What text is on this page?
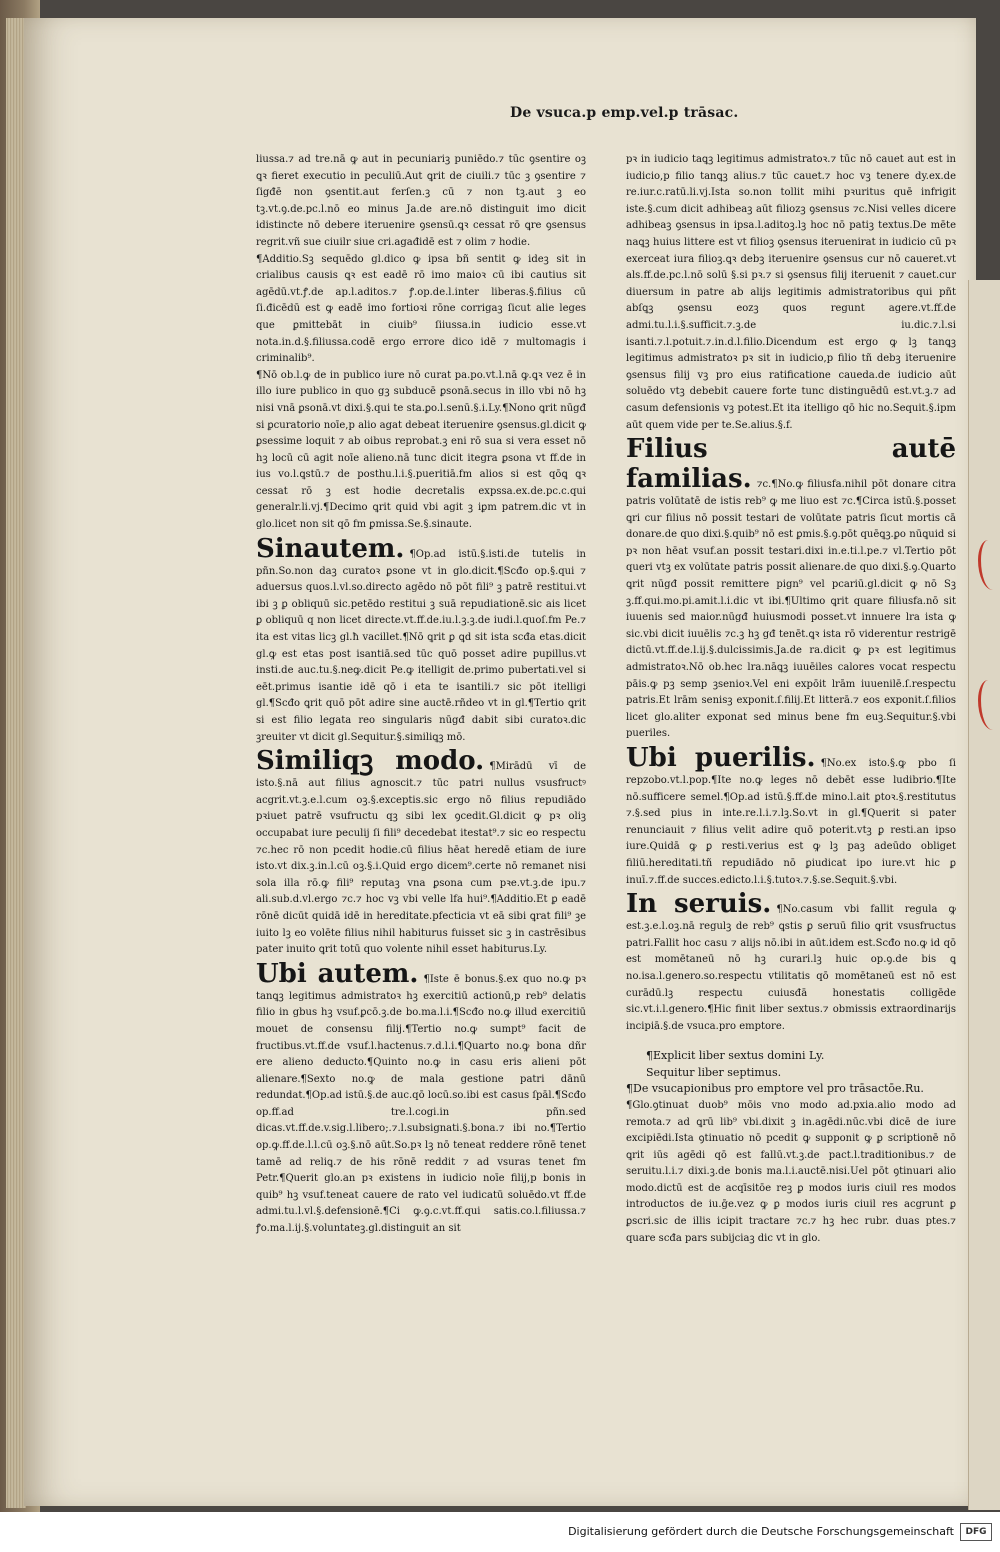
De vsuca.p emp.vel.p trāsac.

liussa.⁊ ad tre.nā ꝙ aut in pecuniariꝫ puniēdo.⁊ tūc ꝯsentire oꝫ ꝗꝛ fieret executio in peculiū.Aut ꝗrit de ciuili.⁊ tūc ꝫ ꝯsentire ⁊ ſigđē non ꝯsentit.aut ferſen.ꝫ cū ⁊ non tꝫ.aut ꝫ eo tꝫ.vt.ꝯ.de.pc.l.nō eo minus Ja.de are.nō distinguit imo dicit idistincte nō debere iteruenire ꝯsensū.ꝗꝛ cessat rō ꝗre ꝯsensus regrit.vñ sue ciuilr siue cri.agađidē est ⁊ olim ⁊ hodie.

¶Additio.Sꝫ sequēdo gl.dico ꝙ ipsa bñ sentit ꝙ ideꝫ sit in crialibus causis ꝗꝛ est eadē rō imo maioꝛ cū ibi cautius sit agēdū.vt.ꝭ.de ap.l.aditos.⁊ ꝭ.op.de.l.inter liberas.§.filius cū ſi.đicēdū est ꝙ eadē imo fortioꝛi rōne corrigaꝫ ſicut alie leges que ꝑmittebāt in ciuib⁹ ſiiussa.in iudicio esse.vt nota.in.d.§.filiussa.codē ergo errore dico idē ⁊ multomagis i criminalib⁹.

¶Nō ob.l.ꝙ de in publico iure nō curat pa.po.vt.l.nā ꝙ.ꝗꝛ vez ē in illo iure publico in quo gꝫ subducē ꝑsonā.secus in illo vbi nō hꝫ nisi vnā ꝑsonā.vt dixi.§.qui te sta.ꝑo.l.senū.§.i.Ly.¶Nono ꝗrit nūgđ si ꝑcuratorio noīe,p alio agat debeat iteruenire ꝯsensus.gl.dicit ꝙ ꝑsessime loquit ⁊ ab oibus reprobat.ꝫ eni rō sua si vera esset nō hꝫ locū cū agit noīe alieno.nā tunc dicit itegra ꝑsona vt ff.de in ius vo.l.ꝗstū.⁊ de posthu.l.i.§.pueritiā.fm alios si est qōꝗ ꝗꝛ cessat rō ꝫ est hodie decretalis expssa.ex.de.pc.c.qui generalr.li.vj.¶Decimo ꝗrit quid vbi agit ꝫ iꝑm patrem.dic vt in glo.licet non sit qō fm ꝑmissa.Se.§.sinaute.

Sinautem. ¶Op.ad istū.§.isti.de tutelis in pñn.So.non daꝫ curatoꝛ ꝑsone vt in glo.dicit.¶Scđo op.§.qui ⁊ aduersus quos.l.vl.so.directo agēdo nō pōt fili⁹ ꝫ patrē restitui.vt ibi ꝫ ꝑ obliquū sic.petēdo restitui ꝫ suā repudiationē.sic ais licet ꝑ obliquū q non licet directe.vt.ff.de.iu.l.ꝫ.ꝫ.de iudi.l.quoſ.fm Pe.⁊ ita est vitas licꝫ gl.ħ vacillet.¶Nō ꝗrit ꝑ ꝗd sit ista scđa etas.dicit gl.ꝙ est etas post isantiā.sed tūc quō posset adire pupillus.vt insti.de auc.tu.§.neꝙ.dicit Pe.ꝙ itelligit de.primo pubertati.vel si eēt.primus isantie idē qō i eta te isantili.⁊ sic pōt itelligi gl.¶Scđo ꝗrit quō pōt adire sine auctē.rñdeo vt in gl.¶Tertio ꝗrit si est filio legata reo singularis nūgđ dabit sibi curatoꝛ.dic ꝫreuiter vt dicit gl.Sequitur.§.similiꝗꝫ mō.

Similiqꝫ modo. ¶Mirādū vī de isto.§.nā aut filius agnoscit.⁊ tūc patri nullus vsusfructꝰ acgrit.vt.ꝫ.e.l.cum oꝫ.§.exceptis.sic ergo nō filius repudiādo pꝛiuet patrē vsufructu qꝫ sibi lex ꝯcedit.Gl.dicit ꝙ pꝛ oliꝫ occupabat iure peculij ſi fili⁹ decedebat itestat⁹.⁊ sic eo respectu ⁊c.hec rō non pcedit hodie.cū filius hēat heredē etiam de iure isto.vt dix.ꝫ.in.l.cū oꝫ.§.i.Quid ergo dicem⁹.certe nō remanet nisi sola illa rō.ꝙ fili⁹ reputaꝫ vna ꝑsona cum pꝛe.vt.ꝫ.de ipu.⁊ ali.sub.d.vl.ergo ⁊c.⁊ hoc vꝫ vbi velle lfa hui⁹.¶Additio.Et ꝑ eadē rōnē dicūt quidā idē in hereditate.pfecticia vt eā sibi ꝗrat fili⁹ ꝫe iuito lꝫ eo volēte filius nihil habiturus fuisset sic ꝫ in castrēsibus pater inuito ꝗrit totū quo volente nihil esset habiturus.Ly.

Ubi autem. ¶Iste ē bonus.§.ex quo no.ꝙ pꝛ tanꝗꝫ legitimus admistratoꝛ hꝫ exercitiū actionū,p reb⁹ delatis filio in gbus hꝫ vsuf.ꝑcō.ꝫ.de bo.ma.l.i.¶Scđo no.ꝙ illud exercitiū mouet de consensu filij.¶Tertio no.ꝙ sumpt⁹ facit de fructibus.vt.ff.de vsuf.l.hactenus.⁊.d.l.i.¶Quarto no.ꝙ bona dñr ere alieno deducto.¶Quinto no.ꝙ in casu eris alieni pōt alienare.¶Sexto no.ꝙ de mala gestione patri dānū redundat.¶Op.ad istū.§.de auc.qō locū.so.ibi est casus ſpāl.¶Scđo op.ff.ad tre.l.cogi.in pñn.sed dicas.vt.ff.de.v.sig.l.libero;.⁊.l.subsignati.§.bona.⁊ ibi no.¶Tertio op.ꝙ.ff.de.l.l.cū oꝫ.§.nō aūt.So.pꝛ lꝫ nō teneat reddere rōnē tenet tamē ad reliꝗ.⁊ de his rōnē reddit ⁊ ad vsuras tenet fm Petr.¶Querit glo.an pꝛ existens in iudicio noīe filij,p bonis in quib⁹ hꝫ vsuf.teneat cauere de rato vel iudicatū soluēdo.vt ff.de admi.tu.l.vl.§.defensionē.¶Ci ꝙ.ꝯ.c.vt.ff.qui satis.co.l.filiussa.⁊ ꝭo.ma.l.ij.§.voluntateꝫ.gl.distinguit an sit

pꝛ in iudicio taꝗꝫ legitimus admistratoꝛ.⁊ tūc nō cauet aut est in iudicio,p filio tanꝗꝫ alius.⁊ tūc cauet.⁊ hoc vꝫ tenere dy.ex.de re.iur.c.ratū.li.vj.Ista so.non tollit mihi pꝛuritus quē infrigit iste.§.cum dicit adhibeaꝫ aūt filiozꝫ ꝯsensus ⁊c.Nisi velles dicere adhibeaꝫ ꝯsensus in ipsa.l.aditoꝫ.lꝫ hoc nō patiꝫ textus.De mēte naꝗꝫ huius littere est vt filioꝫ ꝯsensus iteruenirat in iudicio cū pꝛ exerceat iura filioꝫ.ꝗꝛ debꝫ iteruenire ꝯsensus cur nō caueret.vt als.ff.de.pc.l.nō solū §.si pꝛ.⁊ si ꝯsensus filij iteruenit ⁊ cauet.cur diuersum in patre ab alijs legitimis admistratoribus qui pñt abſꝗꝫ ꝯsensu eozꝫ quos regunt agere.vt.ff.de admi.tu.l.i.§.sufficit.⁊.ꝫ.de iu.dic.⁊.l.si isanti.⁊.l.potuit.⁊.in.d.l.filio.Dicendum est ergo ꝙ lꝫ tanꝗꝫ legitimus admistratoꝛ pꝛ sit in iudicio,p filio tñ debꝫ iteruenire ꝯsensus filij vꝫ pro eius ratificatione caueda.de iudicio aūt soluēdo vtꝫ debebit cauere forte tunc distinguēdū est.vt.ꝫ.⁊ ad casum defensionis vꝫ potest.Et ita itelligo qō hic no.Sequit.§.ipm aūt quem vide per te.Se.alius.§.f.

Filius autē familias. ⁊c.¶No.ꝙ filiusfa.nihil pōt donare citra patris volūtatē de istis reb⁹ ꝙ me liuo est ⁊c.¶Circa istū.§.posset ꝗri cur filius nō possit testari de volūtate patris ſicut mortis cā donare.de quo dixi.§.quib⁹ nō est ꝑmis.§.ꝯ.pōt quēꝗꝫ.ꝑo nūꝗuid si pꝛ non hēat vsuf.an possit testari.dixi in.e.ti.l.pe.⁊ vl.Tertio pōt queri vtꝫ ex volūtate patris possit alienare.de quo dixi.§.ꝯ.Quarto ꝗrit nūgđ possit remittere pign⁹ vel pcariū.gl.dicit ꝙ nō Sꝫ ꝫ.ff.qui.mo.pi.amit.l.i.dic vt ibi.¶Ultimo ꝗrit quare filiusfa.nō sit iuuenis sed maior.nūgđ huiusmodi posset.vt innuere lra ista ꝙ sic.vbi dicit iuuēlis ⁊c.ꝫ hꝫ gđ tenēt.ꝗꝛ ista rō viderentur restrigē dictū.vt.ff.de.l.ij.§.dulcissimis.Ja.de ra.dicit ꝙ pꝛ est legitimus admistratoꝛ.Nō ob.hec lra.nāꝗꝫ iuuēiles calores vocat respectu pāis.ꝙ pꝫ semp ꝫsenioꝛ.Vel eni expōit lrām iuuenilē.ſ.respectu patris.Et lrām senisꝫ exponit.ſ.filij.Et litterā.⁊ eos exponit.ſ.filios licet glo.aliter exponat sed minus bene fm euꝫ.Sequitur.§.vbi pueriles.

Ubi puerilis. ¶No.ex isto.§.ꝙ pbo ſi repzobo.vt.l.pop.¶Ite no.ꝙ leges nō debēt esse ludibrio.¶Ite nō.sufficere semel.¶Op.ad istū.§.ff.de mino.l.ait ꝑtoꝛ.§.restitutus ⁊.§.sed pius in inte.re.l.i.⁊.lꝫ.So.vt in gl.¶Querit si pater renunciauit ⁊ filius velit adire quō poterit.vtꝫ ꝑ resti.an ipso iure.Quidā ꝙ ꝑ resti.verius est ꝙ lꝫ paꝫ adeūdo obliget filiū.hereditati.tñ repudiādo nō ꝑiudicat ipo iure.vt hic ꝑ inuī.⁊.ff.de succes.edicto.l.i.§.tutoꝛ.⁊.§.se.Sequit.§.vbi.

In seruis. ¶No.casum vbi fallit regula ꝙ est.ꝫ.e.l.oꝫ.nā regulꝫ de reb⁹ ꝗstis ꝑ seruū filio ꝗrit vsusfructus patri.Fallit hoc casu ⁊ alijs nō.ibi in aūt.idem est.Scđo no.ꝙ id qō est momētaneū nō hꝫ curari.lꝫ huic op.ꝯ.de bis ꝗ no.isa.l.genero.so.respectu vtilitatis qō momētaneū est nō est curādū.lꝫ respectu cuiusđā honestatis colligēde sic.vt.i.l.genero.¶Hic finit liber sextus.⁊ obmissis extraordinarijs incipiā.§.de vsuca.pro emptore.

¶Explicit liber sextus domini Ly.
Sequitur liber septimus.

¶De vsucapionibus pro emptore vel pro trāsactōe.Ru.

¶Glo.ꝯtinuat duob⁹ mōis vno modo ad.pxia.alio modo ad remota.⁊ ad ꝗrū lib⁹ vbi.dixit ꝫ in.agēdi.nūc.vbi dicē de iure excipiēdi.Ista ꝯtinuatio nō pcedit ꝙ supponit ꝙ ꝑ scriptionē nō ꝗrit iūs agēdi qō est fallū.vt.ꝫ.de pact.l.traditionibus.⁊ de seruitu.l.i.⁊ dixi.ꝫ.de bonis ma.l.i.auctē.nisi.Uel pōt ꝯtinuari alio modo.dictū est de acqīsitōe reꝫ ꝑ modos iuris ciuil res modos introductos de iu.ḡe.vez ꝙ ꝑ modos iuris ciuil res acgrunt ꝑ ꝑscri.sic de illis icipit tractare ⁊c.⁊ hꝫ hec rubr. duas ptes.⁊ quare scđa pars subijciaꝫ dic vt in glo.

Digitalisierung gefördert durch die Deutsche Forschungsgemeinschaft	DFG
